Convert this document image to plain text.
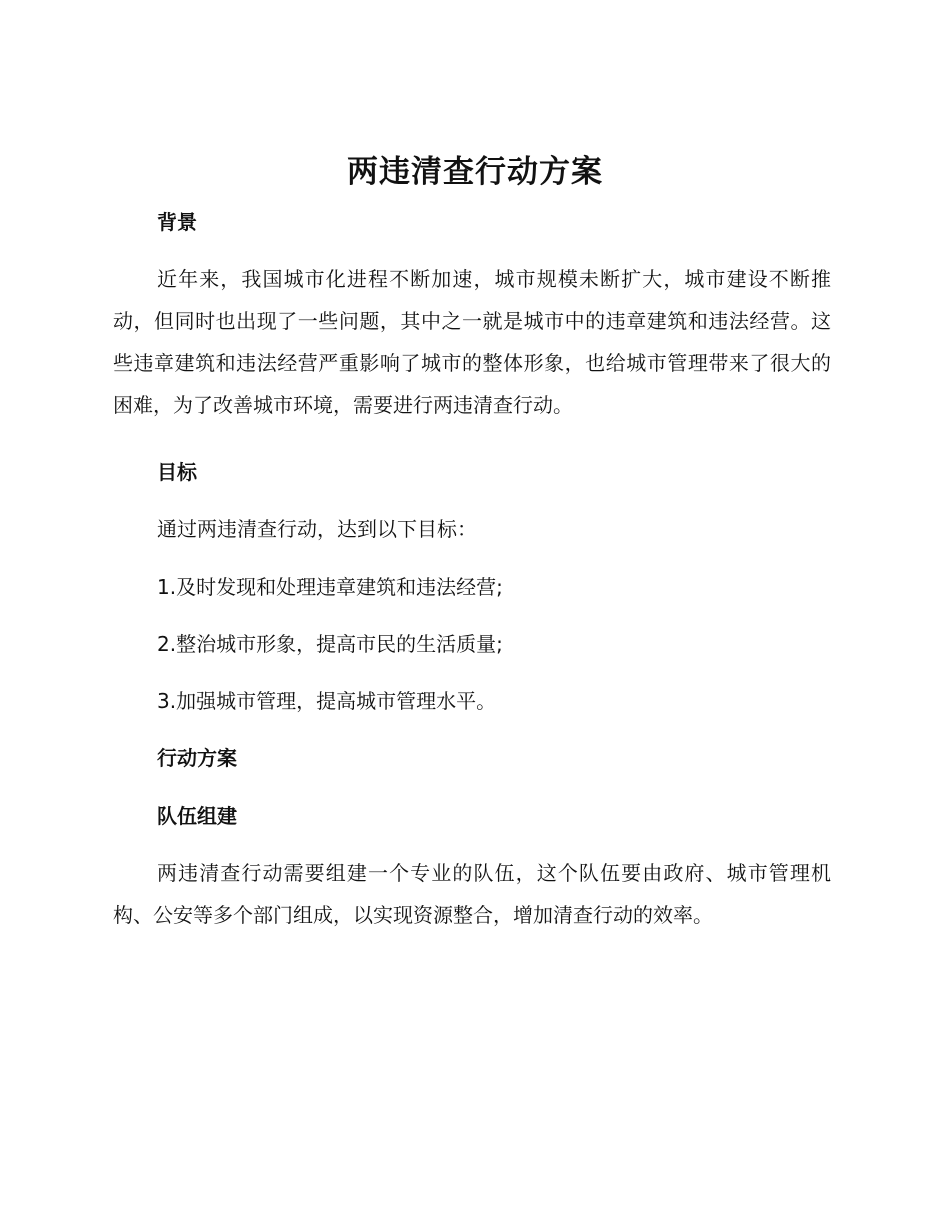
两违清查行动方案
背景

近年来，我国城市化进程不断加速，城市规模未断扩大，城市建设不断推动，但同时也出现了一些问题，其中之一就是城市中的违章建筑和违法经营。这些违章建筑和违法经营严重影响了城市的整体形象，也给城市管理带来了很大的困难，为了改善城市环境，需要进行两违清查行动。

目标

通过两违清查行动，达到以下目标：

1.及时发现和处理违章建筑和违法经营;

2.整治城市形象，提高市民的生活质量;

3.加强城市管理，提高城市管理水平。

行动方案
队伍组建

两违清查行动需要组建一个专业的队伍，这个队伍要由政府、城市管理机构、公安等多个部门组成，以实现资源整合，增加清查行动的效率。
